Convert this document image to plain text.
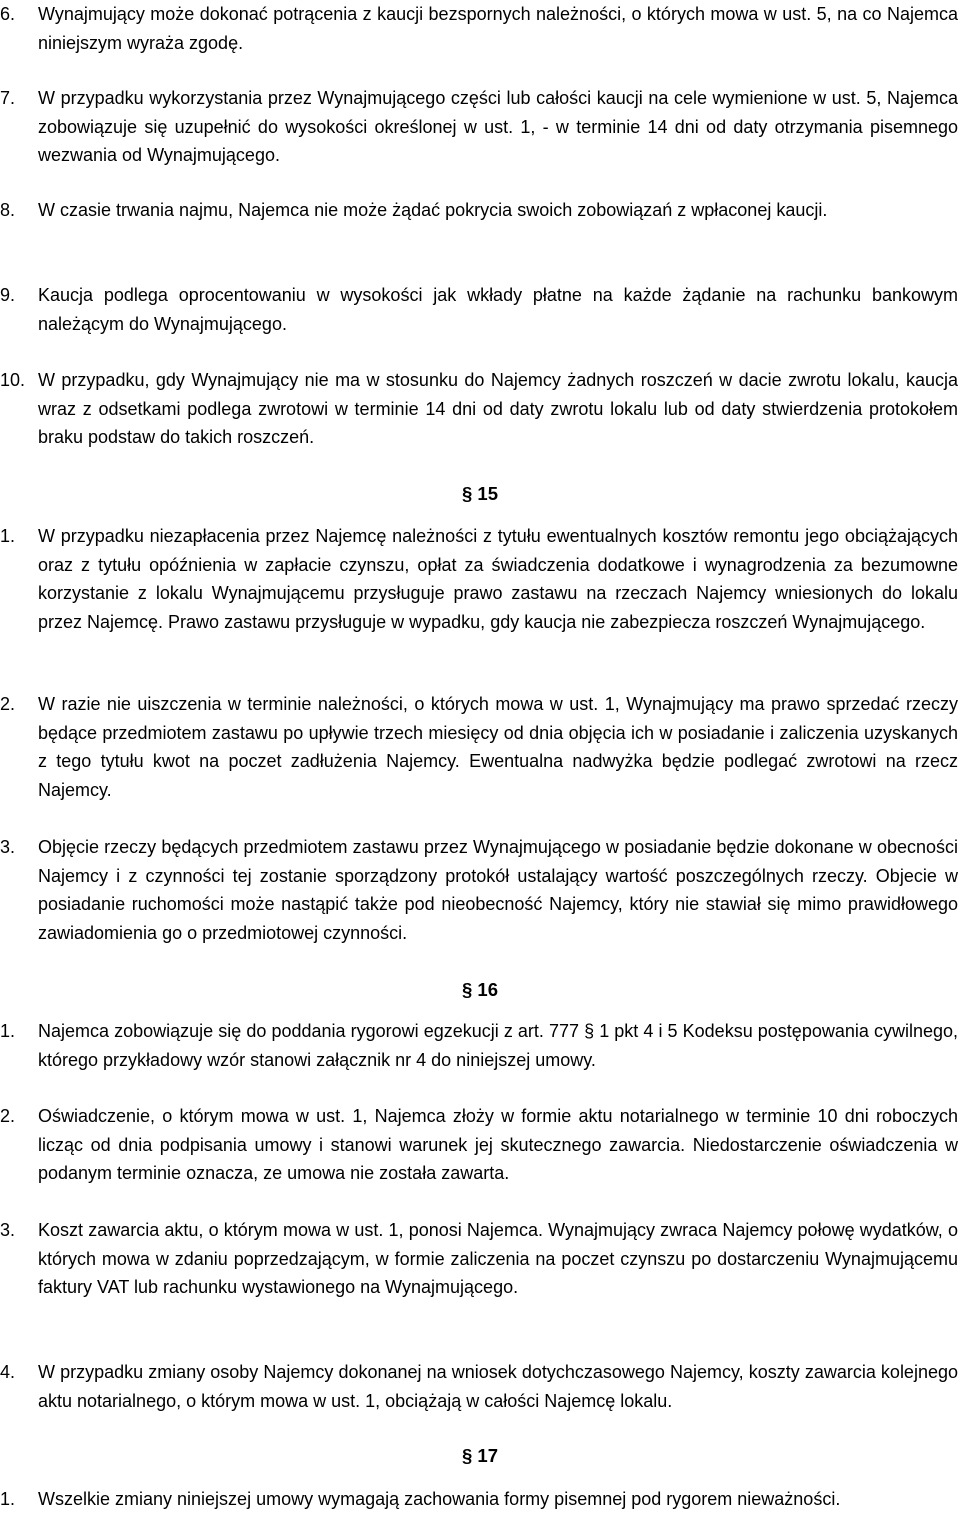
6.	Wynajmujący może dokonać potrącenia z kaucji bezspornych należności, o których mowa w ust. 5, na co Najemca niniejszym wyraża zgodę.
7.	W przypadku wykorzystania przez Wynajmującego części lub całości kaucji na cele wymienione w ust. 5, Najemca zobowiązuje się uzupełnić do wysokości określonej w ust. 1, - w terminie 14 dni od daty otrzymania pisemnego wezwania od Wynajmującego.
8.	W czasie trwania najmu, Najemca nie może żądać pokrycia swoich zobowiązań z wpłaconej kaucji.
9.	Kaucja podlega oprocentowaniu w wysokości jak wkłady płatne na każde żądanie na rachunku bankowym należącym do Wynajmującego.
10. W przypadku, gdy Wynajmujący nie ma w stosunku do Najemcy żadnych roszczeń w dacie zwrotu lokalu, kaucja wraz z odsetkami podlega zwrotowi w terminie 14 dni od daty zwrotu lokalu lub od daty stwierdzenia protokołem braku podstaw do takich roszczeń.
§ 15
1.	W przypadku niezapłacenia przez Najemcę należności z tytułu ewentualnych kosztów remontu jego obciążających oraz z tytułu opóźnienia w zapłacie czynszu, opłat za świadczenia dodatkowe i wynagrodzenia za bezumowne korzystanie z lokalu Wynajmującemu przysługuje prawo zastawu na rzeczach Najemcy wniesionych do lokalu przez Najemcę. Prawo zastawu przysługuje w wypadku, gdy kaucja nie zabezpiecza roszczeń Wynajmującego.
2.	W razie nie uiszczenia w terminie należności, o których mowa w ust. 1, Wynajmujący ma prawo sprzedać rzeczy będące przedmiotem zastawu po upływie trzech miesięcy od dnia objęcia ich w posiadanie i zaliczenia uzyskanych z tego tytułu kwot na poczet zadłużenia Najemcy. Ewentualna nadwyżka będzie podlegać zwrotowi na rzecz Najemcy.
3.	Objęcie rzeczy będących przedmiotem zastawu przez Wynajmującego w posiadanie będzie dokonane w obecności Najemcy i z czynności tej zostanie sporządzony protokół ustalający wartość poszczególnych rzeczy. Objecie w posiadanie ruchomości może nastąpić także pod nieobecność Najemcy, który nie stawiał się mimo prawidłowego zawiadomienia go o przedmiotowej czynności.
§ 16
1.	Najemca zobowiązuje się do poddania rygorowi egzekucji z art. 777 § 1 pkt 4 i 5 Kodeksu postępowania cywilnego, którego przykładowy wzór stanowi załącznik nr 4 do niniejszej umowy.
2.	Oświadczenie, o którym mowa w ust. 1, Najemca złoży w formie aktu notarialnego w terminie 10 dni roboczych licząc od dnia podpisania umowy i stanowi warunek jej skutecznego zawarcia. Niedostarczenie oświadczenia w podanym terminie oznacza, ze umowa nie została zawarta.
3.	Koszt zawarcia aktu, o którym mowa w ust. 1, ponosi Najemca. Wynajmujący zwraca Najemcy połowę wydatków, o których mowa w zdaniu poprzedzającym, w formie zaliczenia na poczet czynszu po dostarczeniu Wynajmującemu faktury VAT lub rachunku wystawionego na Wynajmującego.
4.	W przypadku zmiany osoby Najemcy dokonanej na wniosek dotychczasowego Najemcy, koszty zawarcia kolejnego aktu notarialnego, o którym mowa w ust. 1, obciążają w całości Najemcę lokalu.
§ 17
1.	Wszelkie zmiany niniejszej umowy wymagają zachowania formy pisemnej pod rygorem nieważności.
